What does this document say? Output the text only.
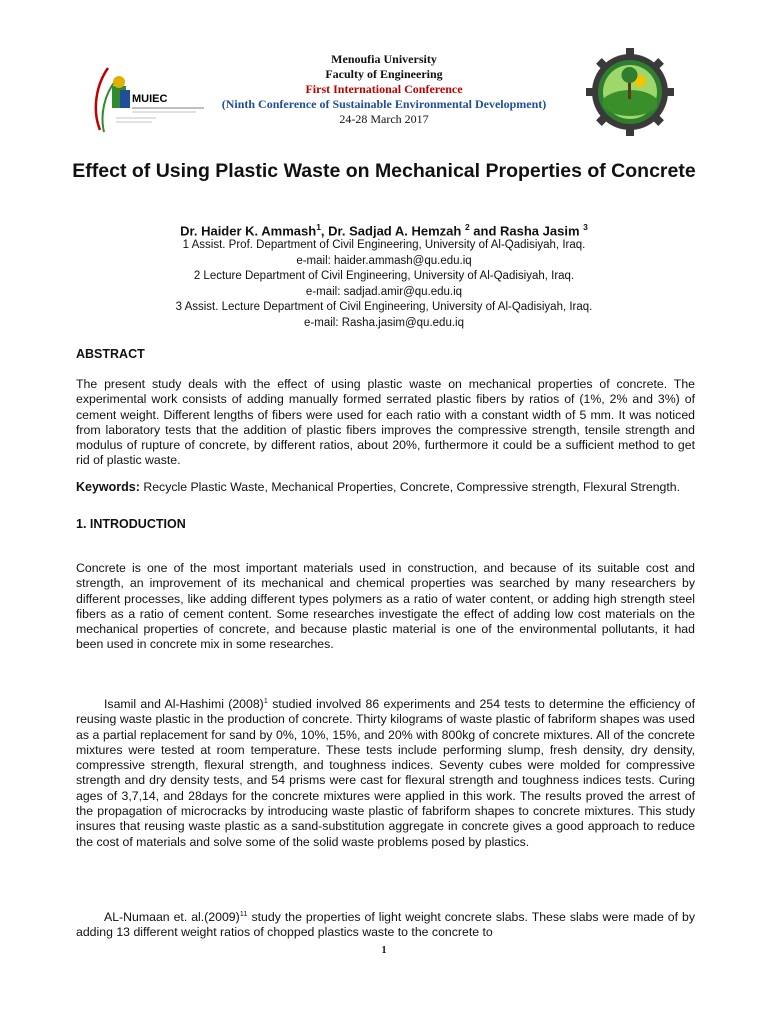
MUIEC
Menoufia University
Faculty of Engineering
First International Conference
(Ninth Conference of Sustainable Environmental Development)
24-28 March 2017
Effect of Using Plastic Waste on Mechanical Properties of Concrete
Dr. Haider K. Ammash$^1$, Dr. Sadjad A. Hemzah $^2$ and Rasha Jasim $^3$
1 Assist. Prof. Department of Civil Engineering, University of Al-Qadisiyah, Iraq.
e-mail: haider.ammash@qu.edu.iq
2 Lecture Department of Civil Engineering, University of Al-Qadisiyah, Iraq.
e-mail: sadjad.amir@qu.edu.iq
3 Assist. Lecture Department of Civil Engineering, University of Al-Qadisiyah, Iraq.
e-mail: Rasha.jasim@qu.edu.iq
ABSTRACT
The present study deals with the effect of using plastic waste on mechanical properties of concrete. The experimental work consists of adding manually formed serrated plastic fibers by ratios of (1%, 2% and 3%) of cement weight. Different lengths of fibers were used for each ratio with a constant width of 5 mm. It was noticed from laboratory tests that the addition of plastic fibers improves the compressive strength, tensile strength and modulus of rupture of concrete, by different ratios, about 20%, furthermore it could be a sufficient method to get rid of plastic waste.
Keywords: Recycle Plastic Waste, Mechanical Properties, Concrete, Compressive strength, Flexural Strength.
1. INTRODUCTION
Concrete is one of the most important materials used in construction, and because of its suitable cost and strength, an improvement of its mechanical and chemical properties was searched by many researchers by different processes, like adding different types polymers as a ratio of water content, or adding high strength steel fibers as a ratio of cement content. Some researches investigate the effect of adding low cost materials on the mechanical properties of concrete, and because plastic material is one of the environmental pollutants, it had been used in concrete mix in some researches.
Isamil and Al-Hashimi $(2008)^1$ studied involved 86 experiments and 254 tests to determine the efficiency of reusing waste plastic in the production of concrete. Thirty kilograms of waste plastic of fabriform shapes was used as a partial replacement for sand by 0%, 10%, 15%, and 20% with 800kg of concrete mixtures. All of the concrete mixtures were tested at room temperature. These tests include performing slump, fresh density, dry density, compressive strength, flexural strength, and toughness indices. Seventy cubes were molded for compressive strength and dry density tests, and 54 prisms were cast for flexural strength and toughness indices tests. Curing ages of 3,7,14, and 28days for the concrete mixtures were applied in this work. The results proved the arrest of the propagation of microcracks by introducing waste plastic of fabriform shapes to concrete mixtures. This study insures that reusing waste plastic as a sand-substitution aggregate in concrete gives a good approach to reduce the cost of materials and solve some of the solid waste problems posed by plastics.
AL-Numaan et. $al.(2009)^{11}$ study the properties of light weight concrete slabs. These slabs were made of by adding 13 different weight ratios of chopped plastics waste to the concrete to
1
